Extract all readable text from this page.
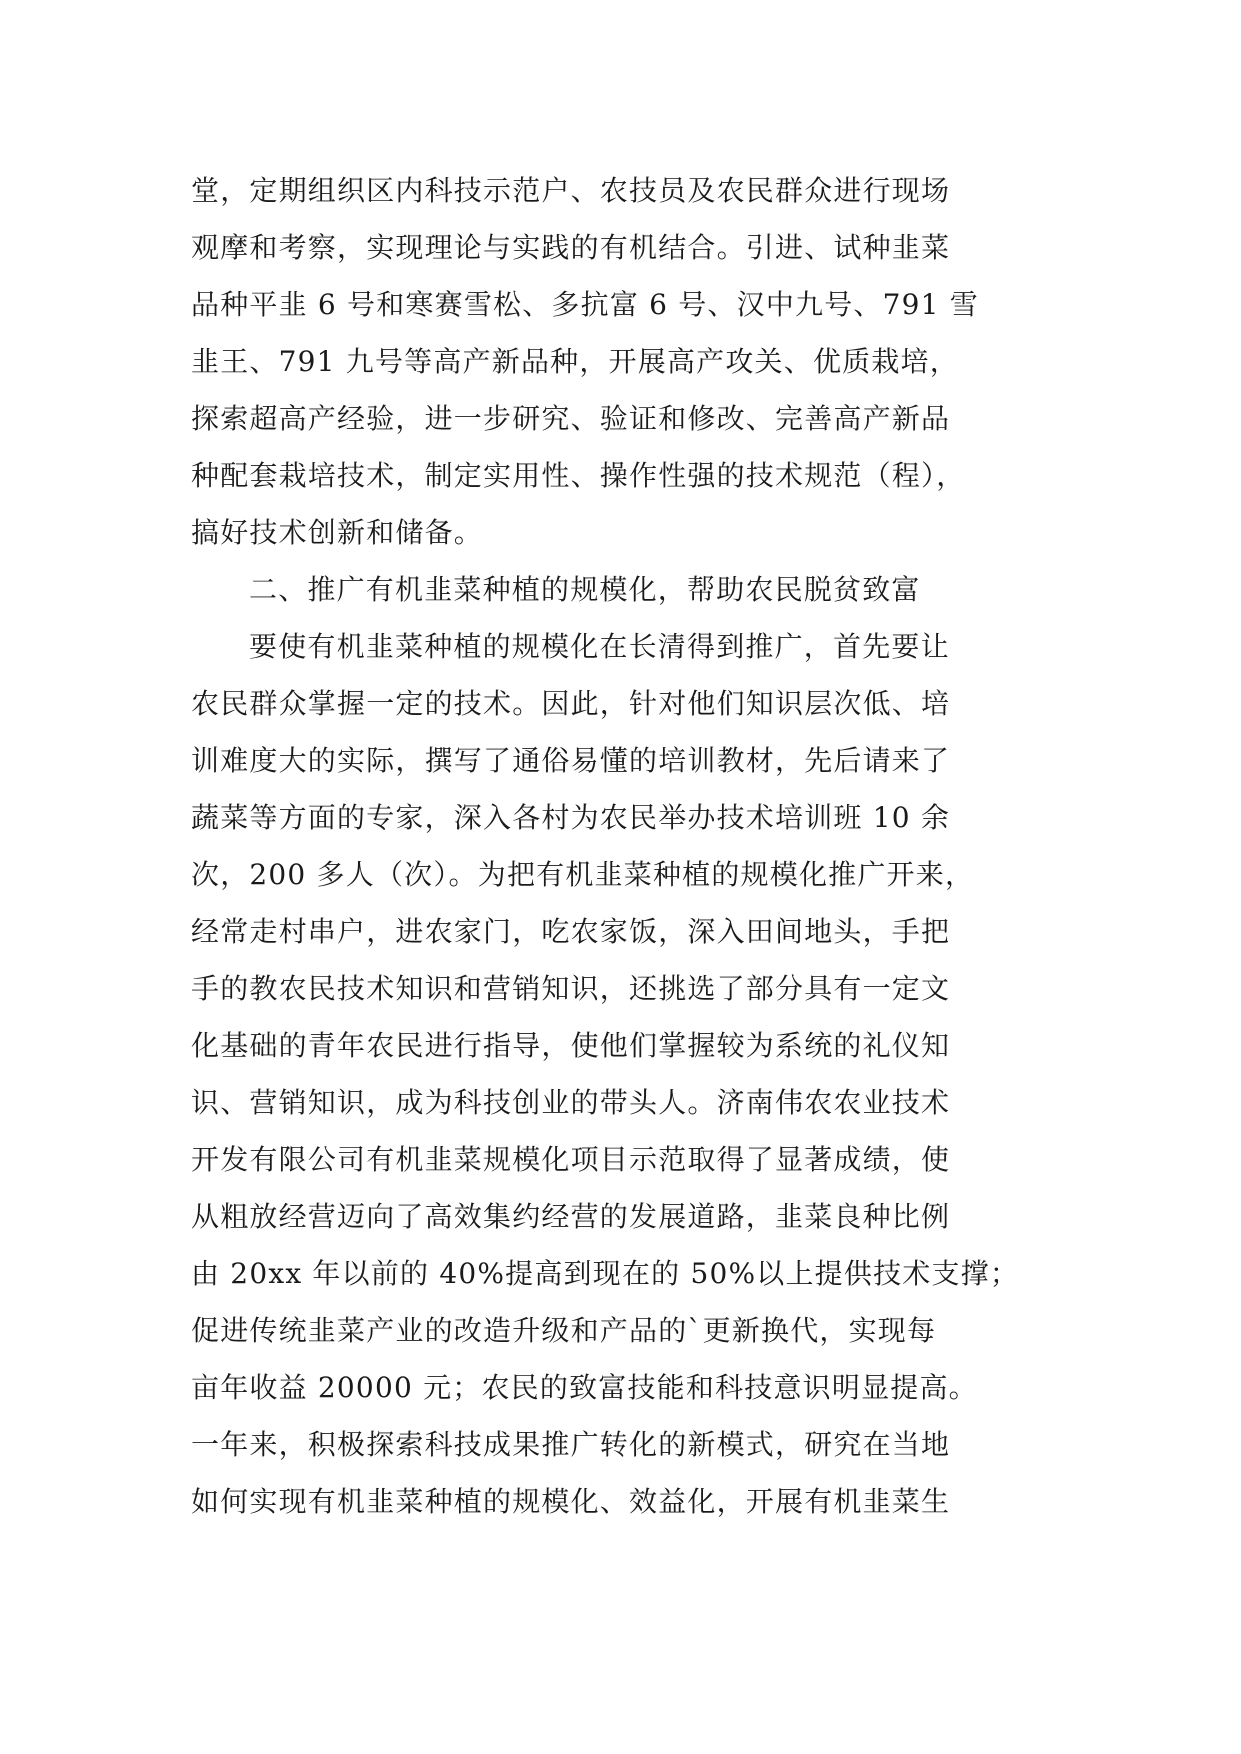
堂，定期组织区内科技示范户、农技员及农民群众进行现场
观摩和考察，实现理论与实践的有机结合。引进、试种韭菜
品种平韭 6 号和寒赛雪松、多抗富 6 号、汉中九号、791 雪
韭王、791 九号等高产新品种，开展高产攻关、优质栽培，
探索超高产经验，进一步研究、验证和修改、完善高产新品
种配套栽培技术，制定实用性、操作性强的技术规范（程），
搞好技术创新和储备。
二、推广有机韭菜种植的规模化，帮助农民脱贫致富
要使有机韭菜种植的规模化在长清得到推广，首先要让
农民群众掌握一定的技术。因此，针对他们知识层次低、培
训难度大的实际，撰写了通俗易懂的培训教材，先后请来了
蔬菜等方面的专家，深入各村为农民举办技术培训班 10 余
次，200 多人（次）。为把有机韭菜种植的规模化推广开来，
经常走村串户，进农家门，吃农家饭，深入田间地头，手把
手的教农民技术知识和营销知识，还挑选了部分具有一定文
化基础的青年农民进行指导，使他们掌握较为系统的礼仪知
识、营销知识，成为科技创业的带头人。济南伟农农业技术
开发有限公司有机韭菜规模化项目示范取得了显著成绩，使
从粗放经营迈向了高效集约经营的发展道路，韭菜良种比例
由 20xx 年以前的 40%提高到现在的 50%以上提供技术支撑；
促进传统韭菜产业的改造升级和产品的`更新换代，实现每
亩年收益 20000 元；农民的致富技能和科技意识明显提高。
一年来，积极探索科技成果推广转化的新模式，研究在当地
如何实现有机韭菜种植的规模化、效益化，开展有机韭菜生
